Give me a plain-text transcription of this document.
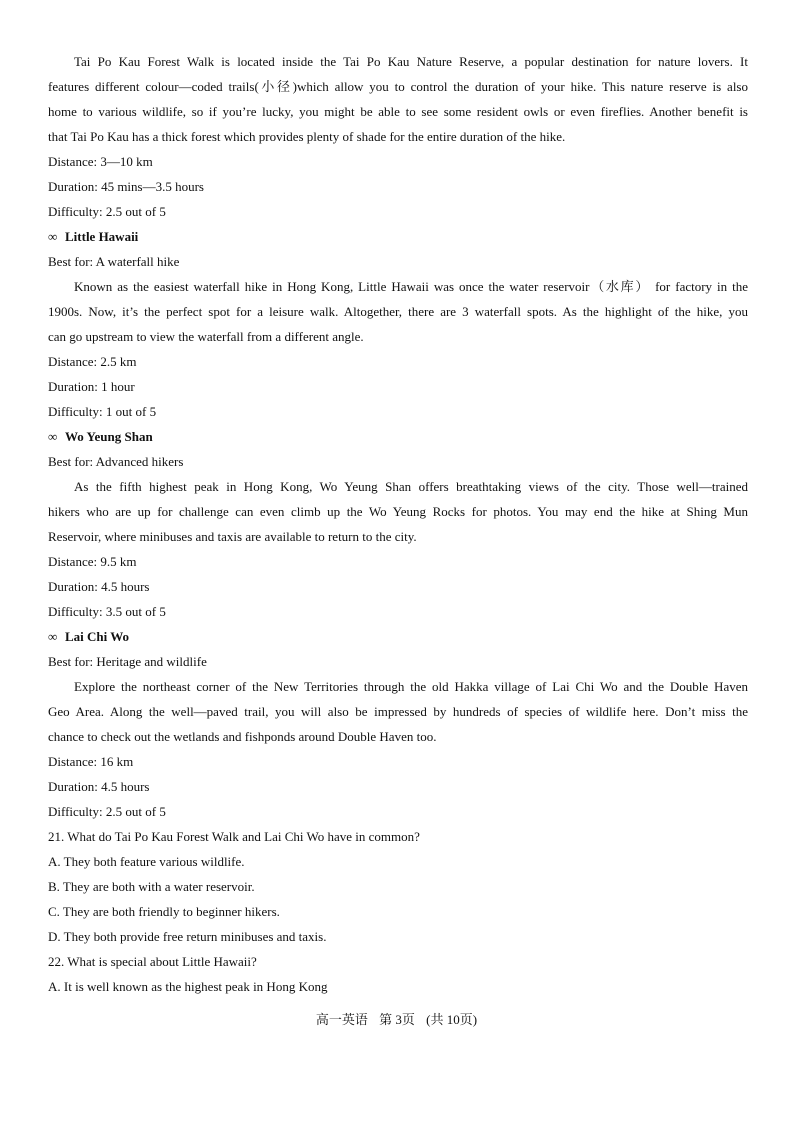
Tai Po Kau Forest Walk is located inside the Tai Po Kau Nature Reserve, a popular destination for nature lovers. It
features different colour—coded trails(小径)which allow you to control the duration of your hike. This nature reserve is also
home to various wildlife, so if you’re lucky, you might be able to see some resident owls or even fireflies. Another benefit is
that Tai Po Kau has a thick forest which provides plenty of shade for the entire duration of the hike.
Distance: 3—10 km
Duration: 45 mins—3.5 hours
Difficulty: 2.5 out of 5
∞ Little Hawaii
Best for: A waterfall hike
Known as the easiest waterfall hike in Hong Kong, Little Hawaii was once the water reservoir（水库） for factory in the
1900s. Now, it’s the perfect spot for a leisure walk. Altogether, there are 3 waterfall spots. As the highlight of the hike, you
can go upstream to view the waterfall from a different angle.
Distance: 2.5 km
Duration: 1 hour
Difficulty: 1 out of 5
∞ Wo Yeung Shan
Best for: Advanced hikers
As the fifth highest peak in Hong Kong, Wo Yeung Shan offers breathtaking views of the city. Those well—trained
hikers who are up for challenge can even climb up the Wo Yeung Rocks for photos. You may end the hike at Shing Mun
Reservoir, where minibuses and taxis are available to return to the city.
Distance: 9.5 km
Duration: 4.5 hours
Difficulty: 3.5 out of 5
∞ Lai Chi Wo
Best for: Heritage and wildlife
Explore the northeast corner of the New Territories through the old Hakka village of Lai Chi Wo and the Double Haven
Geo Area. Along the well—paved trail, you will also be impressed by hundreds of species of wildlife here. Don’t miss the
chance to check out the wetlands and fishponds around Double Haven too.
Distance: 16 km
Duration: 4.5 hours
Difficulty: 2.5 out of 5
21. What do Tai Po Kau Forest Walk and Lai Chi Wo have in common?
A. They both feature various wildlife.
B. They are both with a water reservoir.
C. They are both friendly to beginner hikers.
D. They both provide free return minibuses and taxis.
22. What is special about Little Hawaii?
A. It is well known as the highest peak in Hong Kong
高一英语 第 3页 (共 10页)
